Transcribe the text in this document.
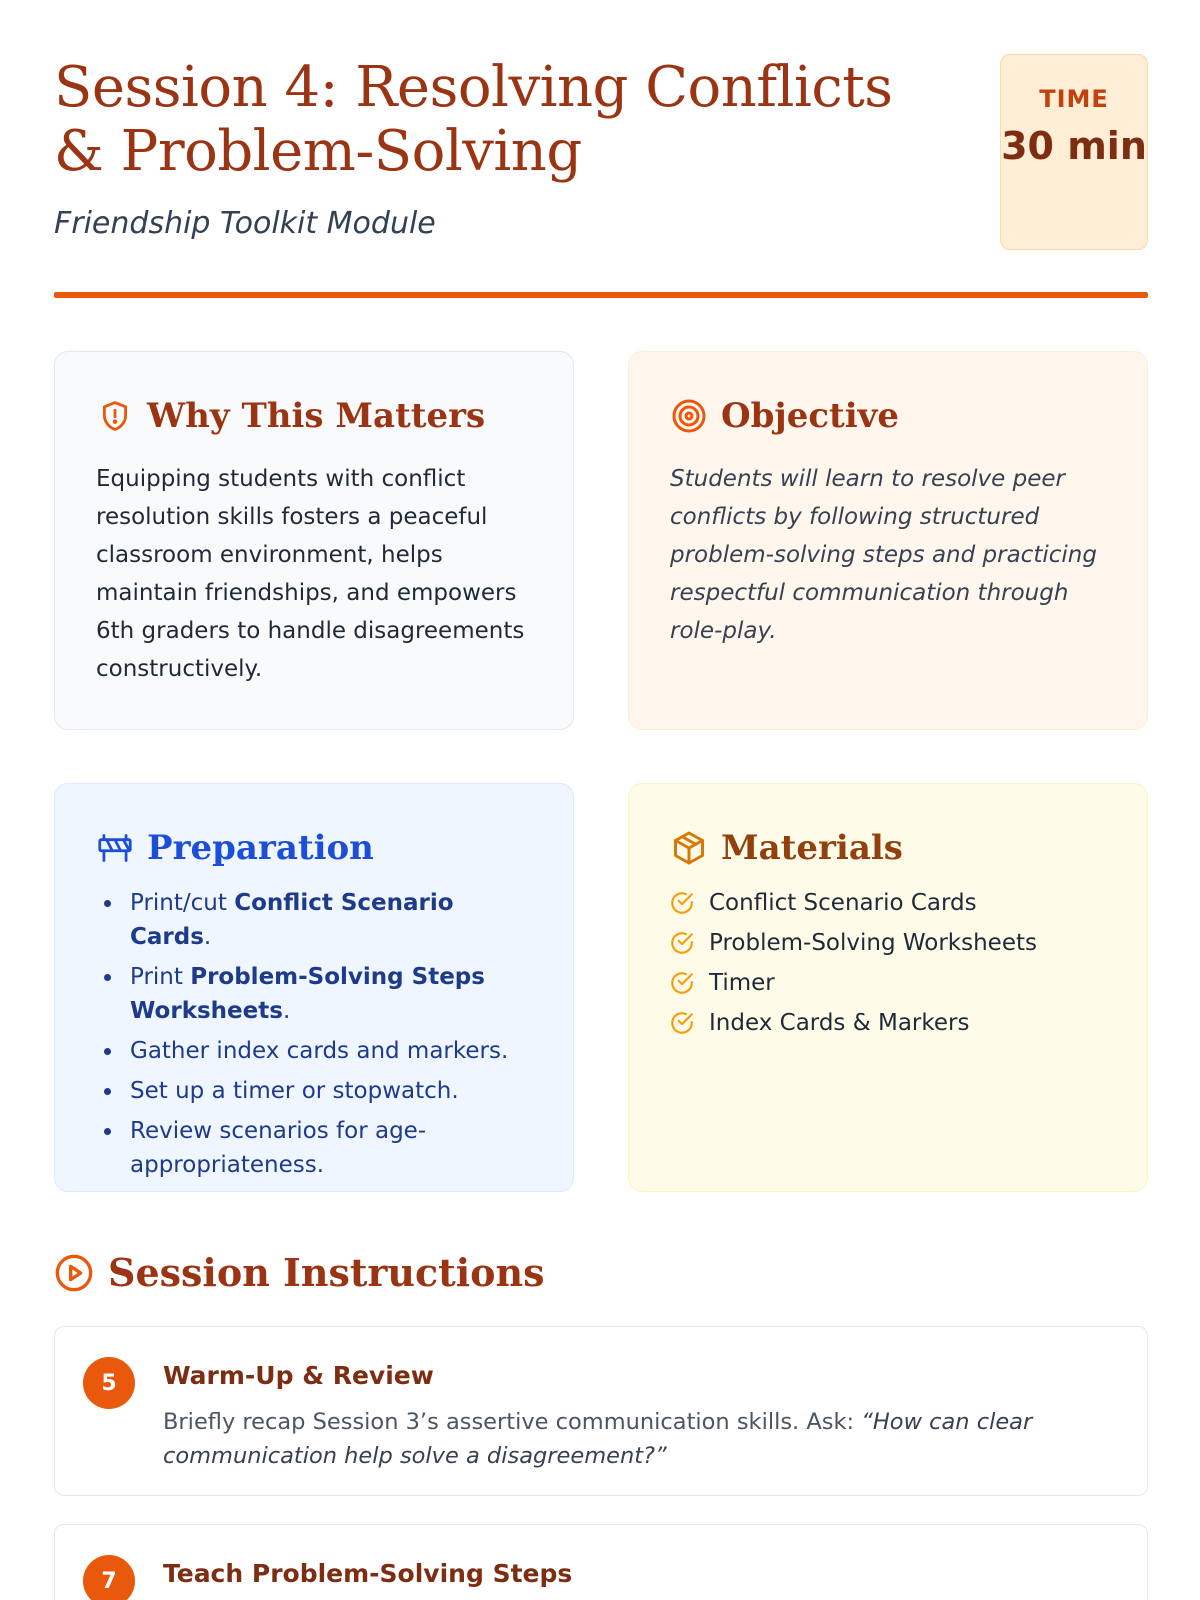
Session 4: Resolving Conflicts & Problem-Solving
Friendship Toolkit Module
TIME
30 min
Why This Matters

Equipping students with conflict resolution skills fosters a peaceful classroom environment, helps maintain friendships, and empowers 6th graders to handle disagreements constructively.

Objective

Students will learn to resolve peer conflicts by following structured problem-solving steps and practicing respectful communication through role-play.

Preparation
Print/cut Conflict Scenario Cards.
Print Problem-Solving Steps Worksheets.
Gather index cards and markers.
Set up a timer or stopwatch.
Review scenarios for age-appropriateness.
Materials
Conflict Scenario Cards
Problem-Solving Worksheets
Timer
Index Cards & Markers
Session Instructions
5	Warm-Up & Review

Briefly recap Session 3’s assertive communication skills. Ask: “How can clear communication help solve a disagreement?”

7	Teach Problem-Solving Steps
